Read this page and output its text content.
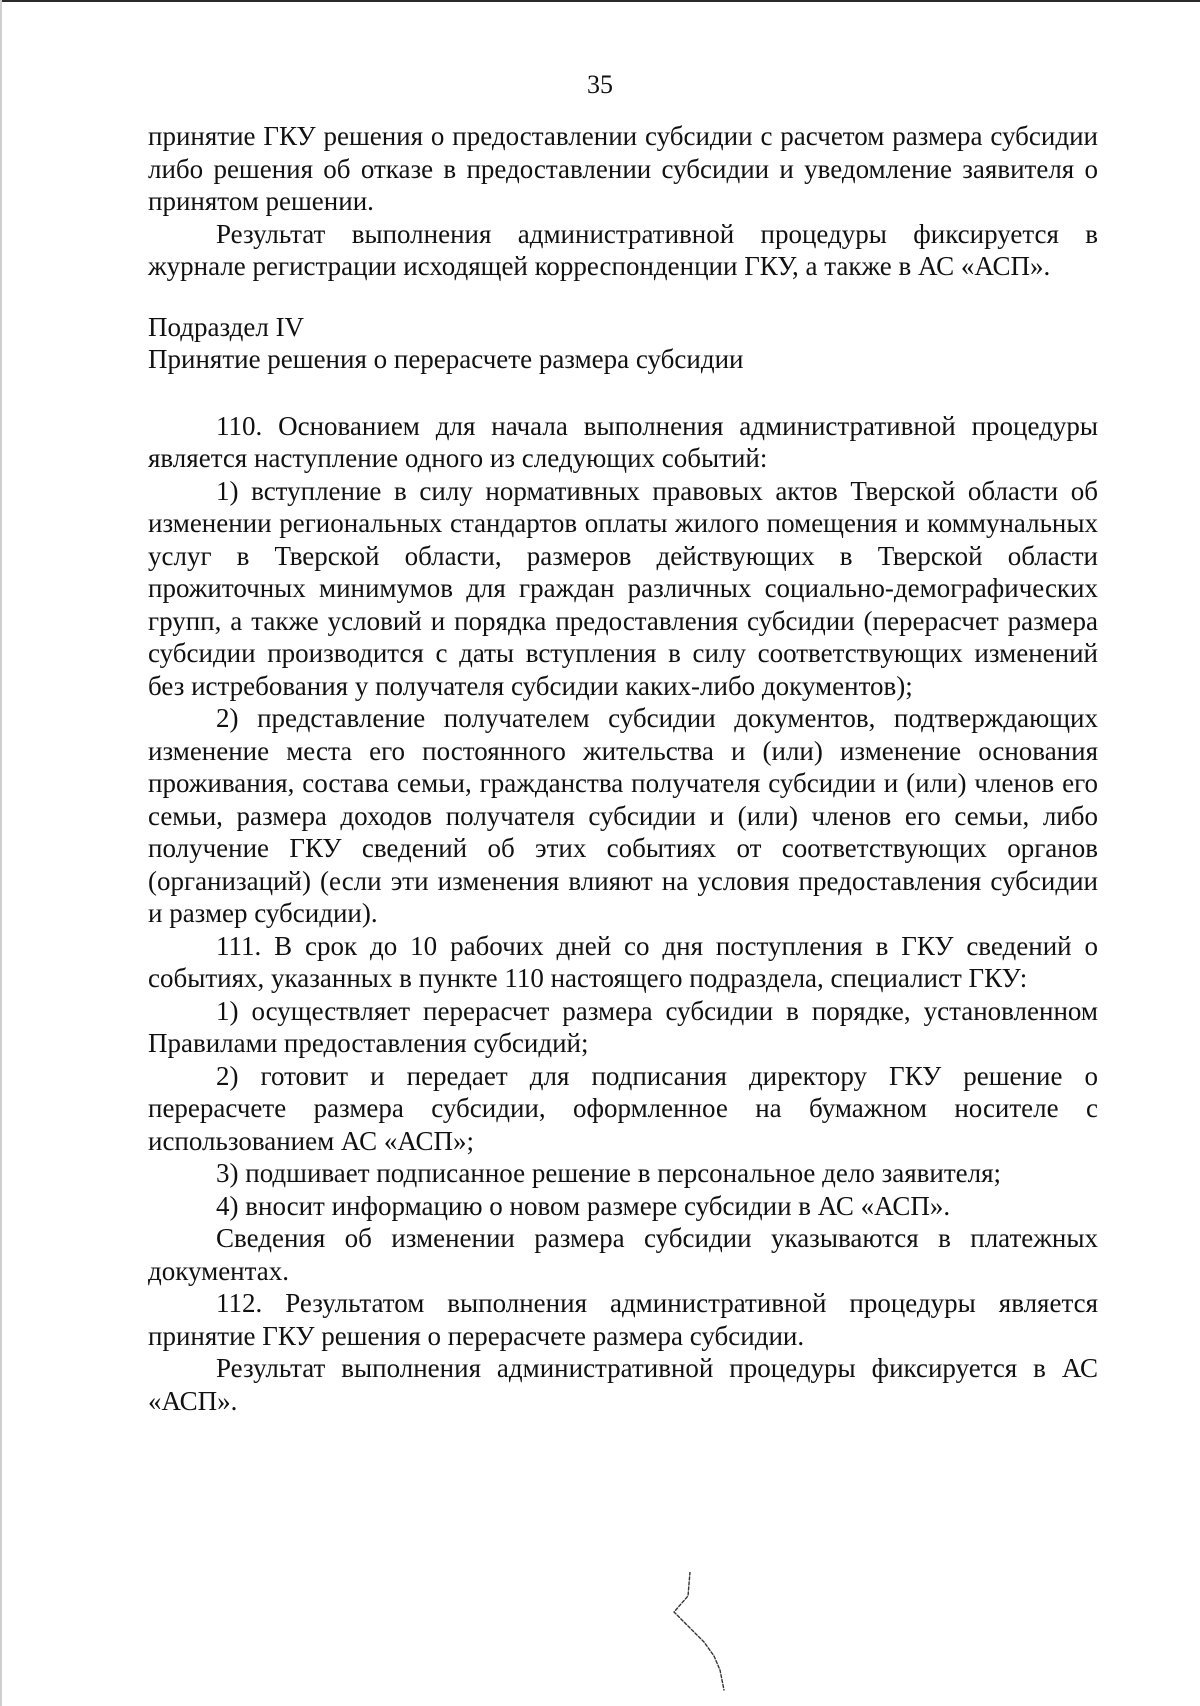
35

принятие ГКУ решения о предоставлении субсидии с расчетом размера субсидии либо решения об отказе в предоставлении субсидии и уведомление заявителя о принятом решении.

Результат выполнения административной процедуры фиксируется в журнале регистрации исходящей корреспонденции ГКУ, а также в АС «АСП».

Подраздел IV

Принятие решения о перерасчете размера субсидии

110. Основанием для начала выполнения административной процедуры является наступление одного из следующих событий:

1) вступление в силу нормативных правовых актов Тверской области об изменении региональных стандартов оплаты жилого помещения и коммунальных услуг в Тверской области, размеров действующих в Тверской области прожиточных минимумов для граждан различных социально-демографических групп, а также условий и порядка предоставления субсидии (перерасчет размера субсидии производится с даты вступления в силу соответствующих изменений без истребования у получателя субсидии каких-либо документов);

2) представление получателем субсидии документов, подтверждающих изменение места его постоянного жительства и (или) изменение основания проживания, состава семьи, гражданства получателя субсидии и (или) членов его семьи, размера доходов получателя субсидии и (или) членов его семьи, либо получение ГКУ сведений об этих событиях от соответствующих органов (организаций) (если эти изменения влияют на условия предоставления субсидии и размер субсидии).

111. В срок до 10 рабочих дней со дня поступления в ГКУ сведений о событиях, указанных в пункте 110 настоящего подраздела, специалист ГКУ:

1) осуществляет перерасчет размера субсидии в порядке, установленном Правилами предоставления субсидий;

2) готовит и передает для подписания директору ГКУ решение о перерасчете размера субсидии, оформленное на бумажном носителе с использованием АС «АСП»;

3) подшивает подписанное решение в персональное дело заявителя;

4) вносит информацию о новом размере субсидии в АС «АСП».

Сведения об изменении размера субсидии указываются в платежных документах.

112. Результатом выполнения административной процедуры является принятие ГКУ решения о перерасчете размера субсидии.

Результат выполнения административной процедуры фиксируется в АС «АСП».
